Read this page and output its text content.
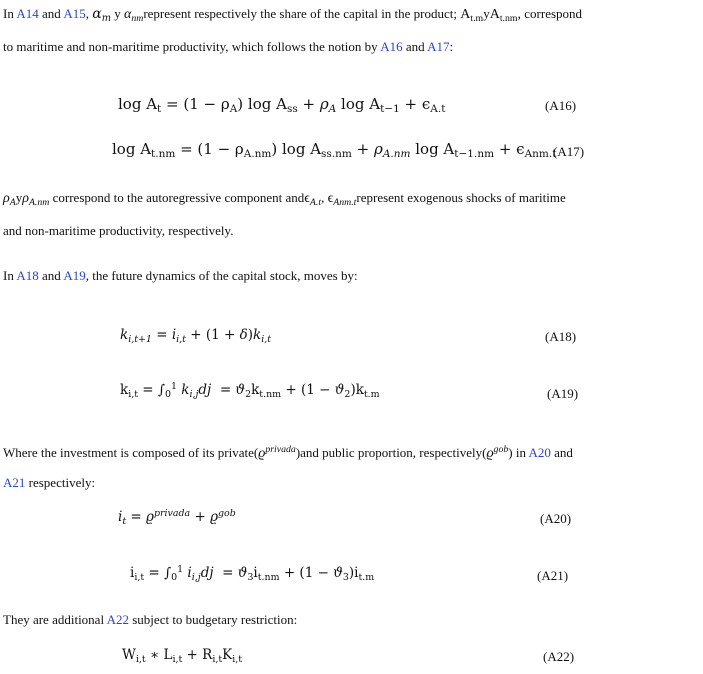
In A14 and A15, $\alpha_m$ y $\alpha_{nm}represent$ respectively the share of the capital in the product; $A_{t.m}yA_{t.nm}$, correspond
to maritime and non-maritime productivity, which follows the notion by A16 and A17:
$\log A_t = (1 - \rho_A)$ $\log A_{ss} + \rho_A$ $\log A_{t-1} + \epsilon_{A.t}$	(A16)
$\log A_{t.nm} = (1 - \rho_{A.nm})$ $\log A_{ss.nm} + \rho_{A.nm}$ $\log A_{t-1.nm} + \epsilon_{Anm.t}$
(A17)
$\rho_Ay\rho_{A.nm}$ correspond to the autoregressive component andϵ$_{A.t}$, $\epsilon_{Anm.t}represent$ exogenous shocks of maritime
and non-maritime productivity, respectively.
In A18 and A19, the future dynamics of the capital stock, moves by:
$k_{i,t+1} = i_{i,t} + (1 + \delta)k_{i,t}$	(A18)
$k_{i,t} = \int_0^1$ $k_{i,j}dj = ϑ_2k_{t.nm} + (1 - ϑ_2)k_{t.m}$	(A19)
Where the investment is composed of its $private(ϱ^{privada})and$ public proportion, $respectively(ϱ^{gob})$ in A20 and
A21 respectively:
$i_t = ϱ^{privada} + ϱ^{gob}$	(A20)
$i_{i,t} = \int_0^1$ $i_{i,j}dj = ϑ_3i_{t.nm} + (1 - ϑ_3)i_{t.m}$	(A21)
They are additional A22 subject to budgetary restriction:
$W_{i,t}$ ∗ $L_{i,t} + R_{i,t}K_{i,t}$	(A22)
